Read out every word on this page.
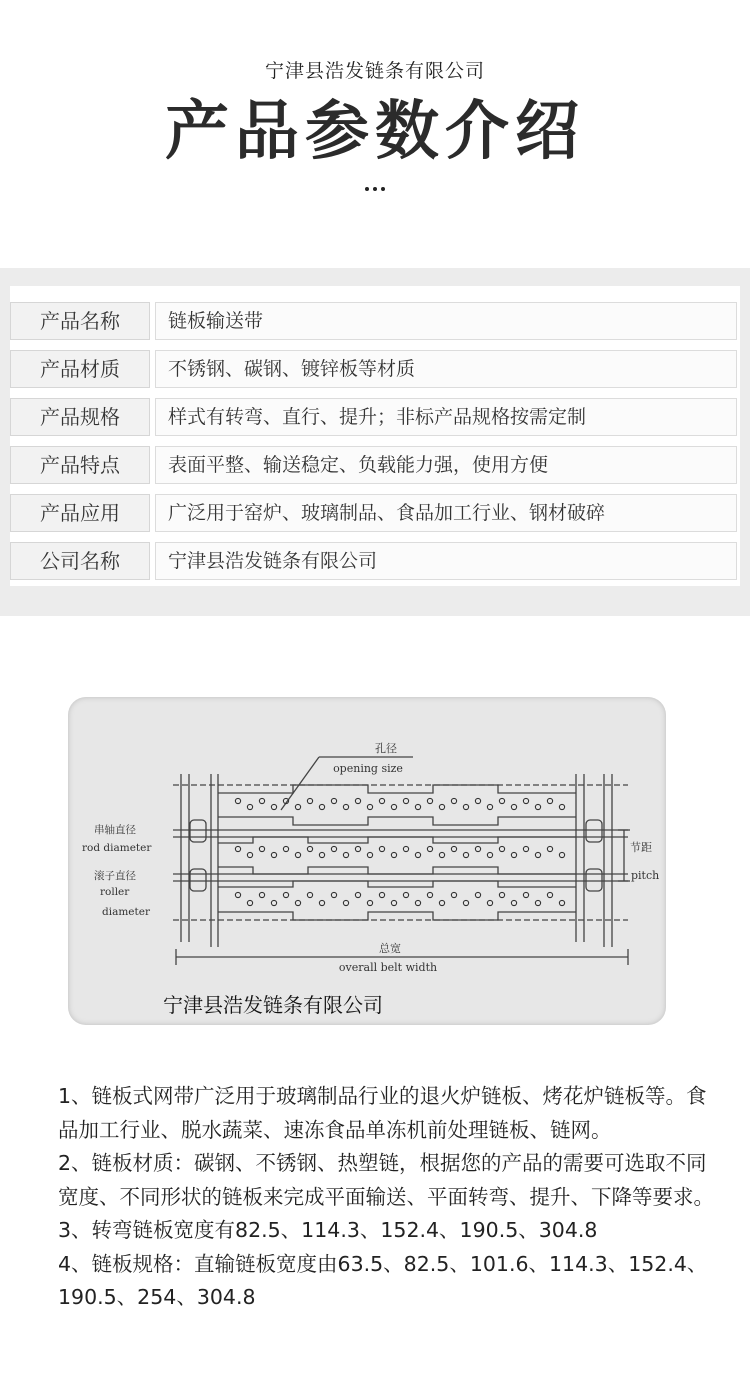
宁津县浩发链条有限公司
产品参数介绍
产品名称	链板输送带
产品材质	不锈钢、碳钢、镀锌板等材质
产品规格	样式有转弯、直行、提升；非标产品规格按需定制
产品特点	表面平整、输送稳定、负载能力强，使用方便
产品应用	广泛用于窑炉、玻璃制品、食品加工行业、钢材破碎
公司名称	宁津县浩发链条有限公司
孔径
opening size
串轴直径
rod diameter
滚子直径
roller
diameter
节距
pitch
总宽
overall belt width
宁津县浩发链条有限公司

1、链板式网带广泛用于玻璃制品行业的退火炉链板、烤花炉链板等。食品加工行业、脱水蔬菜、速冻食品单冻机前处理链板、链网。

2、链板材质：碳钢、不锈钢、热塑链，根据您的产品的需要可选取不同宽度、不同形状的链板来完成平面输送、平面转弯、提升、下降等要求。

3、转弯链板宽度有82.5、114.3、152.4、190.5、304.8

4、链板规格：直输链板宽度由63.5、82.5、101.6、114.3、152.4、190.5、254、304.8
